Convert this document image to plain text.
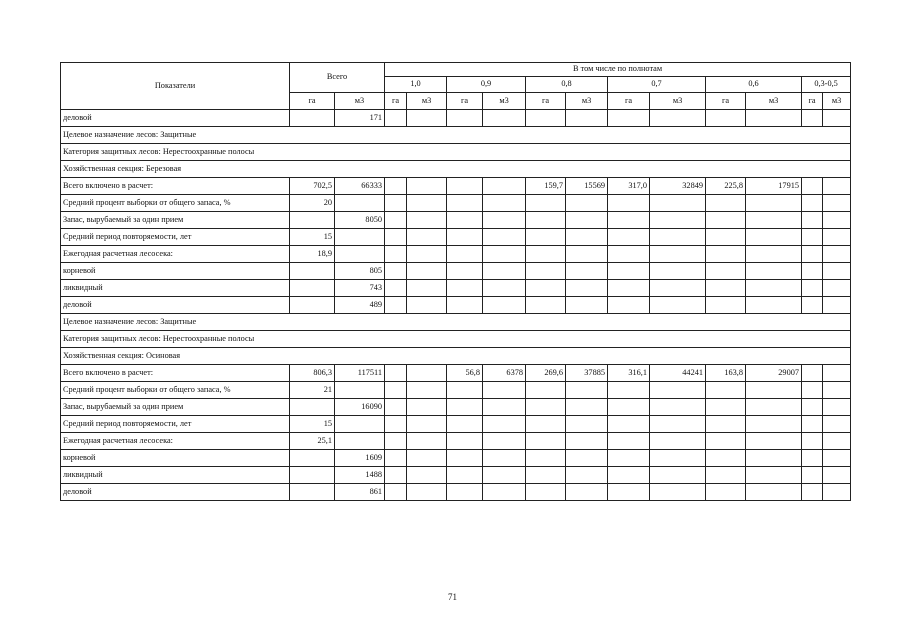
Показатели	Всего		В том числе по полнотам											
			1,0		0,9		0,8		0,7		0,6		0,3-0,5	
	га	м3	га	м3	га	м3	га	м3	га	м3	га	м3	га	м3
деловой		171												
Целевое назначение лесов: Защитные														
Категория защитных лесов: Нерестоохранные полосы														
Хозяйственная секция: Березовая														
Всего включено в расчет:	702,5	66333					159,7	15569	317,0	32849	225,8	17915		
Средний процент выборки от общего запаса, %	20													
Запас, вырубаемый за один прием		8050												
Средний период повторяемости, лет	15													
Ежегодная расчетная лесосека:	18,9													
корневой		805												
ликвидный		743												
деловой		489												
Целевое назначение лесов: Защитные														
Категория защитных лесов: Нерестоохранные полосы														
Хозяйственная секция: Осиновая														
Всего включено в расчет:	806,3	117511			56,8	6378	269,6	37885	316,1	44241	163,8	29007		
Средний процент выборки от общего запаса, %	21													
Запас, вырубаемый за один прием		16090												
Средний период повторяемости, лет	15													
Ежегодная расчетная лесосека:	25,1													
корневой		1609												
ликвидный		1488												
деловой		861												
71
